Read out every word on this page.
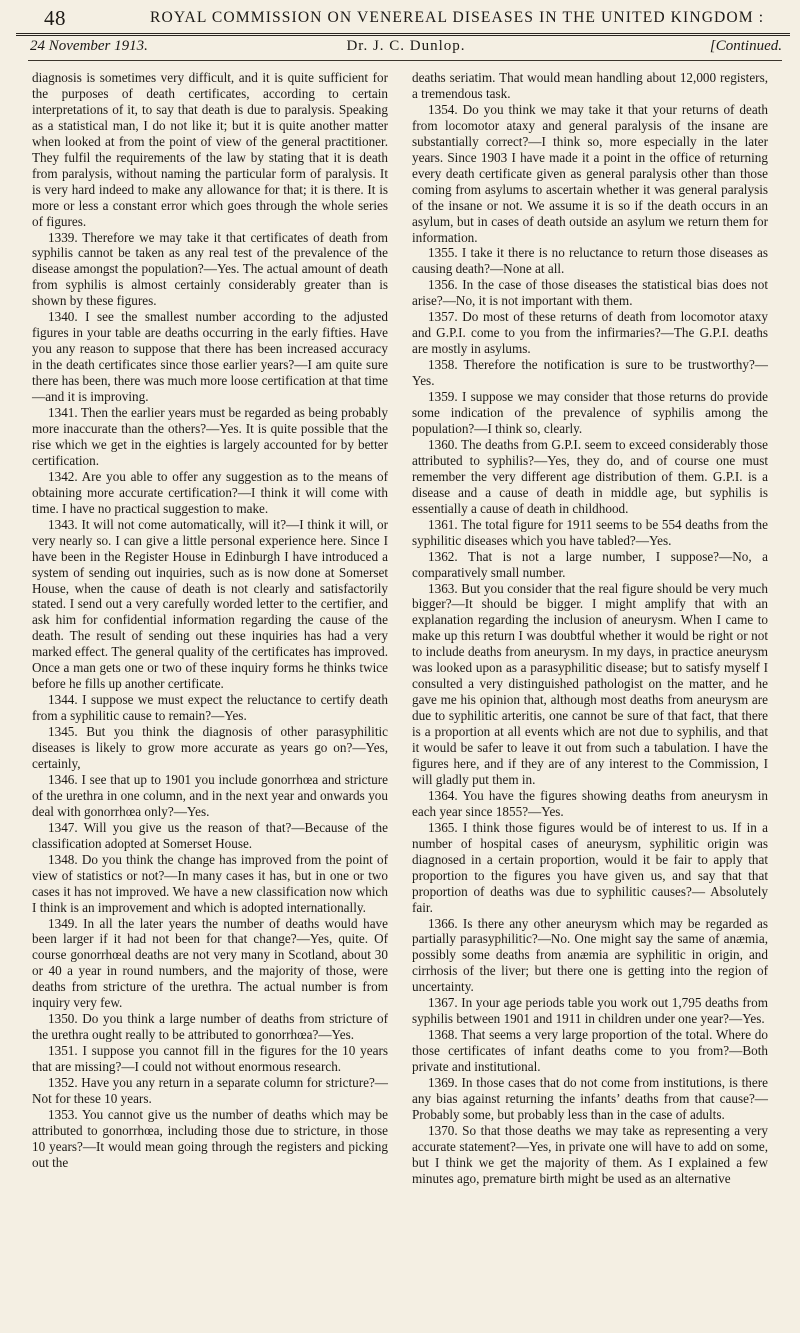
48	ROYAL COMMISSION ON VENEREAL DISEASES IN THE UNITED KINGDOM :
24 November 1913.	Dr. J. C. Dunlop.	[Continued.

diagnosis is sometimes very difficult, and it is quite sufficient for the purposes of death certificates, according to certain interpretations of it, to say that death is due to paralysis. Speaking as a statistical man, I do not like it; but it is quite another matter when looked at from the point of view of the general practitioner. They fulfil the requirements of the law by stating that it is death from paralysis, without naming the particular form of paralysis. It is very hard indeed to make any allowance for that; it is there. It is more or less a constant error which goes through the whole series of figures.

1339. Therefore we may take it that certificates of death from syphilis cannot be taken as any real test of the prevalence of the disease amongst the population?—Yes. The actual amount of death from syphilis is almost certainly considerably greater than is shown by these figures.

1340. I see the smallest number according to the adjusted figures in your table are deaths occurring in the early fifties. Have you any reason to suppose that there has been increased accuracy in the death certificates since those earlier years?—I am quite sure there has been, there was much more loose certification at that time —and it is improving.

1341. Then the earlier years must be regarded as being probably more inaccurate than the others?—Yes. It is quite possible that the rise which we get in the eighties is largely accounted for by better certification.

1342. Are you able to offer any suggestion as to the means of obtaining more accurate certification?—I think it will come with time. I have no practical suggestion to make.

1343. It will not come automatically, will it?—I think it will, or very nearly so. I can give a little personal experience here. Since I have been in the Register House in Edinburgh I have introduced a system of sending out inquiries, such as is now done at Somerset House, when the cause of death is not clearly and satisfactorily stated. I send out a very carefully worded letter to the certifier, and ask him for confidential information regarding the cause of the death. The result of sending out these inquiries has had a very marked effect. The general quality of the certificates has improved. Once a man gets one or two of these inquiry forms he thinks twice before he fills up another certificate.

1344. I suppose we must expect the reluctance to certify death from a syphilitic cause to remain?—Yes.

1345. But you think the diagnosis of other parasyphilitic diseases is likely to grow more accurate as years go on?—Yes, certainly,

1346. I see that up to 1901 you include gonorrhœa and stricture of the urethra in one column, and in the next year and onwards you deal with gonorrhœa only?—Yes.

1347. Will you give us the reason of that?—Because of the classification adopted at Somerset House.

1348. Do you think the change has improved from the point of view of statistics or not?—In many cases it has, but in one or two cases it has not improved. We have a new classification now which I think is an improvement and which is adopted internationally.

1349. In all the later years the number of deaths would have been larger if it had not been for that change?—Yes, quite. Of course gonorrhœal deaths are not very many in Scotland, about 30 or 40 a year in round numbers, and the majority of those, were deaths from stricture of the urethra. The actual number is from inquiry very few.

1350. Do you think a large number of deaths from stricture of the urethra ought really to be attributed to gonorrhœa?—Yes.

1351. I suppose you cannot fill in the figures for the 10 years that are missing?—I could not without enormous research.

1352. Have you any return in a separate column for stricture?—Not for these 10 years.

1353. You cannot give us the number of deaths which may be attributed to gonorrhœa, including those due to stricture, in those 10 years?—It would mean going through the registers and picking out the

deaths seriatim. That would mean handling about 12,000 registers, a tremendous task.

1354. Do you think we may take it that your returns of death from locomotor ataxy and general paralysis of the insane are substantially correct?—I think so, more especially in the later years. Since 1903 I have made it a point in the office of returning every death certificate given as general paralysis other than those coming from asylums to ascertain whether it was general paralysis of the insane or not. We assume it is so if the death occurs in an asylum, but in cases of death outside an asylum we return them for information.

1355. I take it there is no reluctance to return those diseases as causing death?—None at all.

1356. In the case of those diseases the statistical bias does not arise?—No, it is not important with them.

1357. Do most of these returns of death from locomotor ataxy and G.P.I. come to you from the infirmaries?—The G.P.I. deaths are mostly in asylums.

1358. Therefore the notification is sure to be trustworthy?—Yes.

1359. I suppose we may consider that those returns do provide some indication of the prevalence of syphilis among the population?—I think so, clearly.

1360. The deaths from G.P.I. seem to exceed considerably those attributed to syphilis?—Yes, they do, and of course one must remember the very different age distribution of them. G.P.I. is a disease and a cause of death in middle age, but syphilis is essentially a cause of death in childhood.

1361. The total figure for 1911 seems to be 554 deaths from the syphilitic diseases which you have tabled?—Yes.

1362. That is not a large number, I suppose?—No, a comparatively small number.

1363. But you consider that the real figure should be very much bigger?—It should be bigger. I might amplify that with an explanation regarding the inclusion of aneurysm. When I came to make up this return I was doubtful whether it would be right or not to include deaths from aneurysm. In my days, in practice aneurysm was looked upon as a parasyphilitic disease; but to satisfy myself I consulted a very distinguished pathologist on the matter, and he gave me his opinion that, although most deaths from aneurysm are due to syphilitic arteritis, one cannot be sure of that fact, that there is a proportion at all events which are not due to syphilis, and that it would be safer to leave it out from such a tabulation. I have the figures here, and if they are of any interest to the Commission, I will gladly put them in.

1364. You have the figures showing deaths from aneurysm in each year since 1855?—Yes.

1365. I think those figures would be of interest to us. If in a number of hospital cases of aneurysm, syphilitic origin was diagnosed in a certain proportion, would it be fair to apply that proportion to the figures you have given us, and say that that proportion of deaths was due to syphilitic causes?— Absolutely fair.

1366. Is there any other aneurysm which may be regarded as partially parasyphilitic?—No. One might say the same of anæmia, possibly some deaths from anæmia are syphilitic in origin, and cirrhosis of the liver; but there one is getting into the region of uncertainty.

1367. In your age periods table you work out 1,795 deaths from syphilis between 1901 and 1911 in children under one year?—Yes.

1368. That seems a very large proportion of the total. Where do those certificates of infant deaths come to you from?—Both private and institutional.

1369. In those cases that do not come from institutions, is there any bias against returning the infants’ deaths from that cause?—Probably some, but probably less than in the case of adults.

1370. So that those deaths we may take as representing a very accurate statement?—Yes, in private one will have to add on some, but I think we get the majority of them. As I explained a few minutes ago, premature birth might be used as an alternative
